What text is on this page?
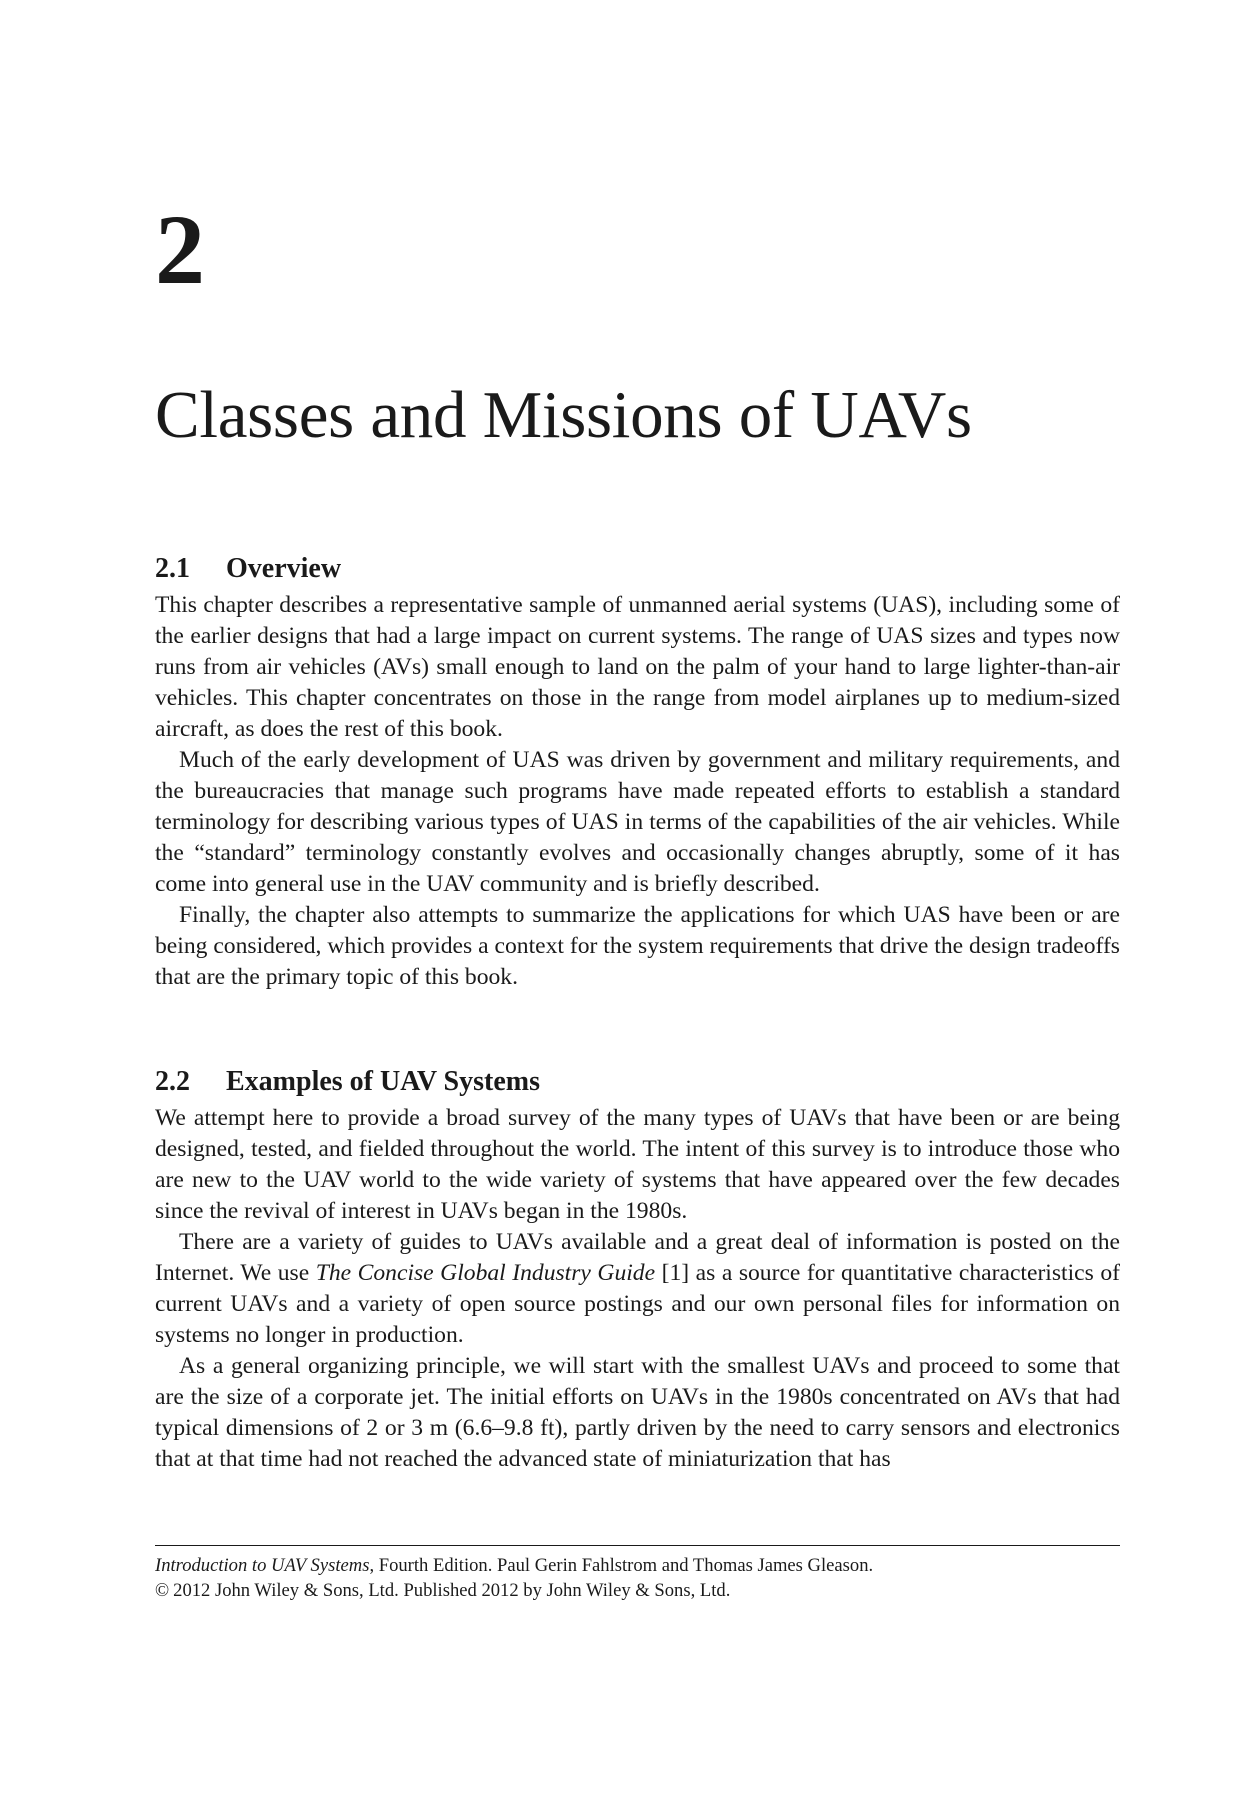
2
Classes and Missions of UAVs
2.1	Overview

This chapter describes a representative sample of unmanned aerial systems (UAS), including some of the earlier designs that had a large impact on current systems. The range of UAS sizes and types now runs from air vehicles (AVs) small enough to land on the palm of your hand to large lighter-than-air vehicles. This chapter concentrates on those in the range from model airplanes up to medium-sized aircraft, as does the rest of this book.

Much of the early development of UAS was driven by government and military requirements, and the bureaucracies that manage such programs have made repeated efforts to establish a standard terminology for describing various types of UAS in terms of the capabilities of the air vehicles. While the “standard” terminology constantly evolves and occasionally changes abruptly, some of it has come into general use in the UAV community and is briefly described.

Finally, the chapter also attempts to summarize the applications for which UAS have been or are being considered, which provides a context for the system requirements that drive the design tradeoffs that are the primary topic of this book.

2.2	Examples of UAV Systems

We attempt here to provide a broad survey of the many types of UAVs that have been or are being designed, tested, and fielded throughout the world. The intent of this survey is to introduce those who are new to the UAV world to the wide variety of systems that have appeared over the few decades since the revival of interest in UAVs began in the 1980s.

There are a variety of guides to UAVs available and a great deal of information is posted on the Internet. We use The Concise Global Industry Guide [1] as a source for quantitative characteristics of current UAVs and a variety of open source postings and our own personal files for information on systems no longer in production.

As a general organizing principle, we will start with the smallest UAVs and proceed to some that are the size of a corporate jet. The initial efforts on UAVs in the 1980s concentrated on AVs that had typical dimensions of 2 or 3 m (6.6–9.8 ft), partly driven by the need to carry sensors and electronics that at that time had not reached the advanced state of miniaturization that has

Introduction to UAV Systems, Fourth Edition. Paul Gerin Fahlstrom and Thomas James Gleason.

© 2012 John Wiley & Sons, Ltd. Published 2012 by John Wiley & Sons, Ltd.
